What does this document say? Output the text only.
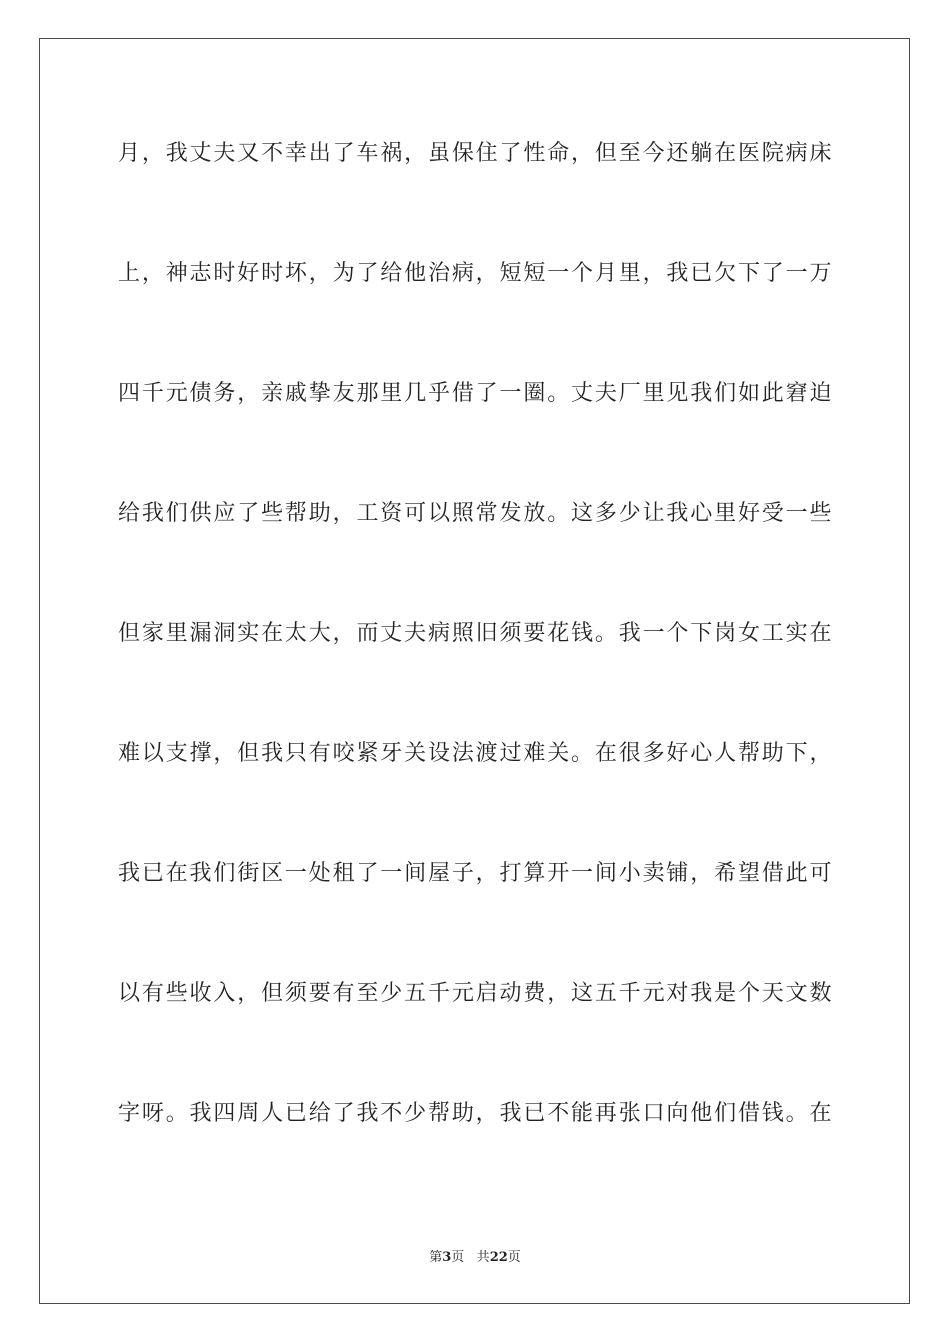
月，我丈夫又不幸出了车祸，虽保住了性命，但至今还躺在医院病床
上，神志时好时坏，为了给他治病，短短一个月里，我已欠下了一万
四千元债务，亲戚挚友那里几乎借了一圈。丈夫厂里见我们如此窘迫
给我们供应了些帮助，工资可以照常发放。这多少让我心里好受一些
但家里漏洞实在太大，而丈夫病照旧须要花钱。我一个下岗女工实在
难以支撑，但我只有咬紧牙关设法渡过难关。在很多好心人帮助下，
我已在我们街区一处租了一间屋子，打算开一间小卖铺，希望借此可
以有些收入，但须要有至少五千元启动费，这五千元对我是个天文数
字呀。我四周人已给了我不少帮助，我已不能再张口向他们借钱。在
第3页 共22页
